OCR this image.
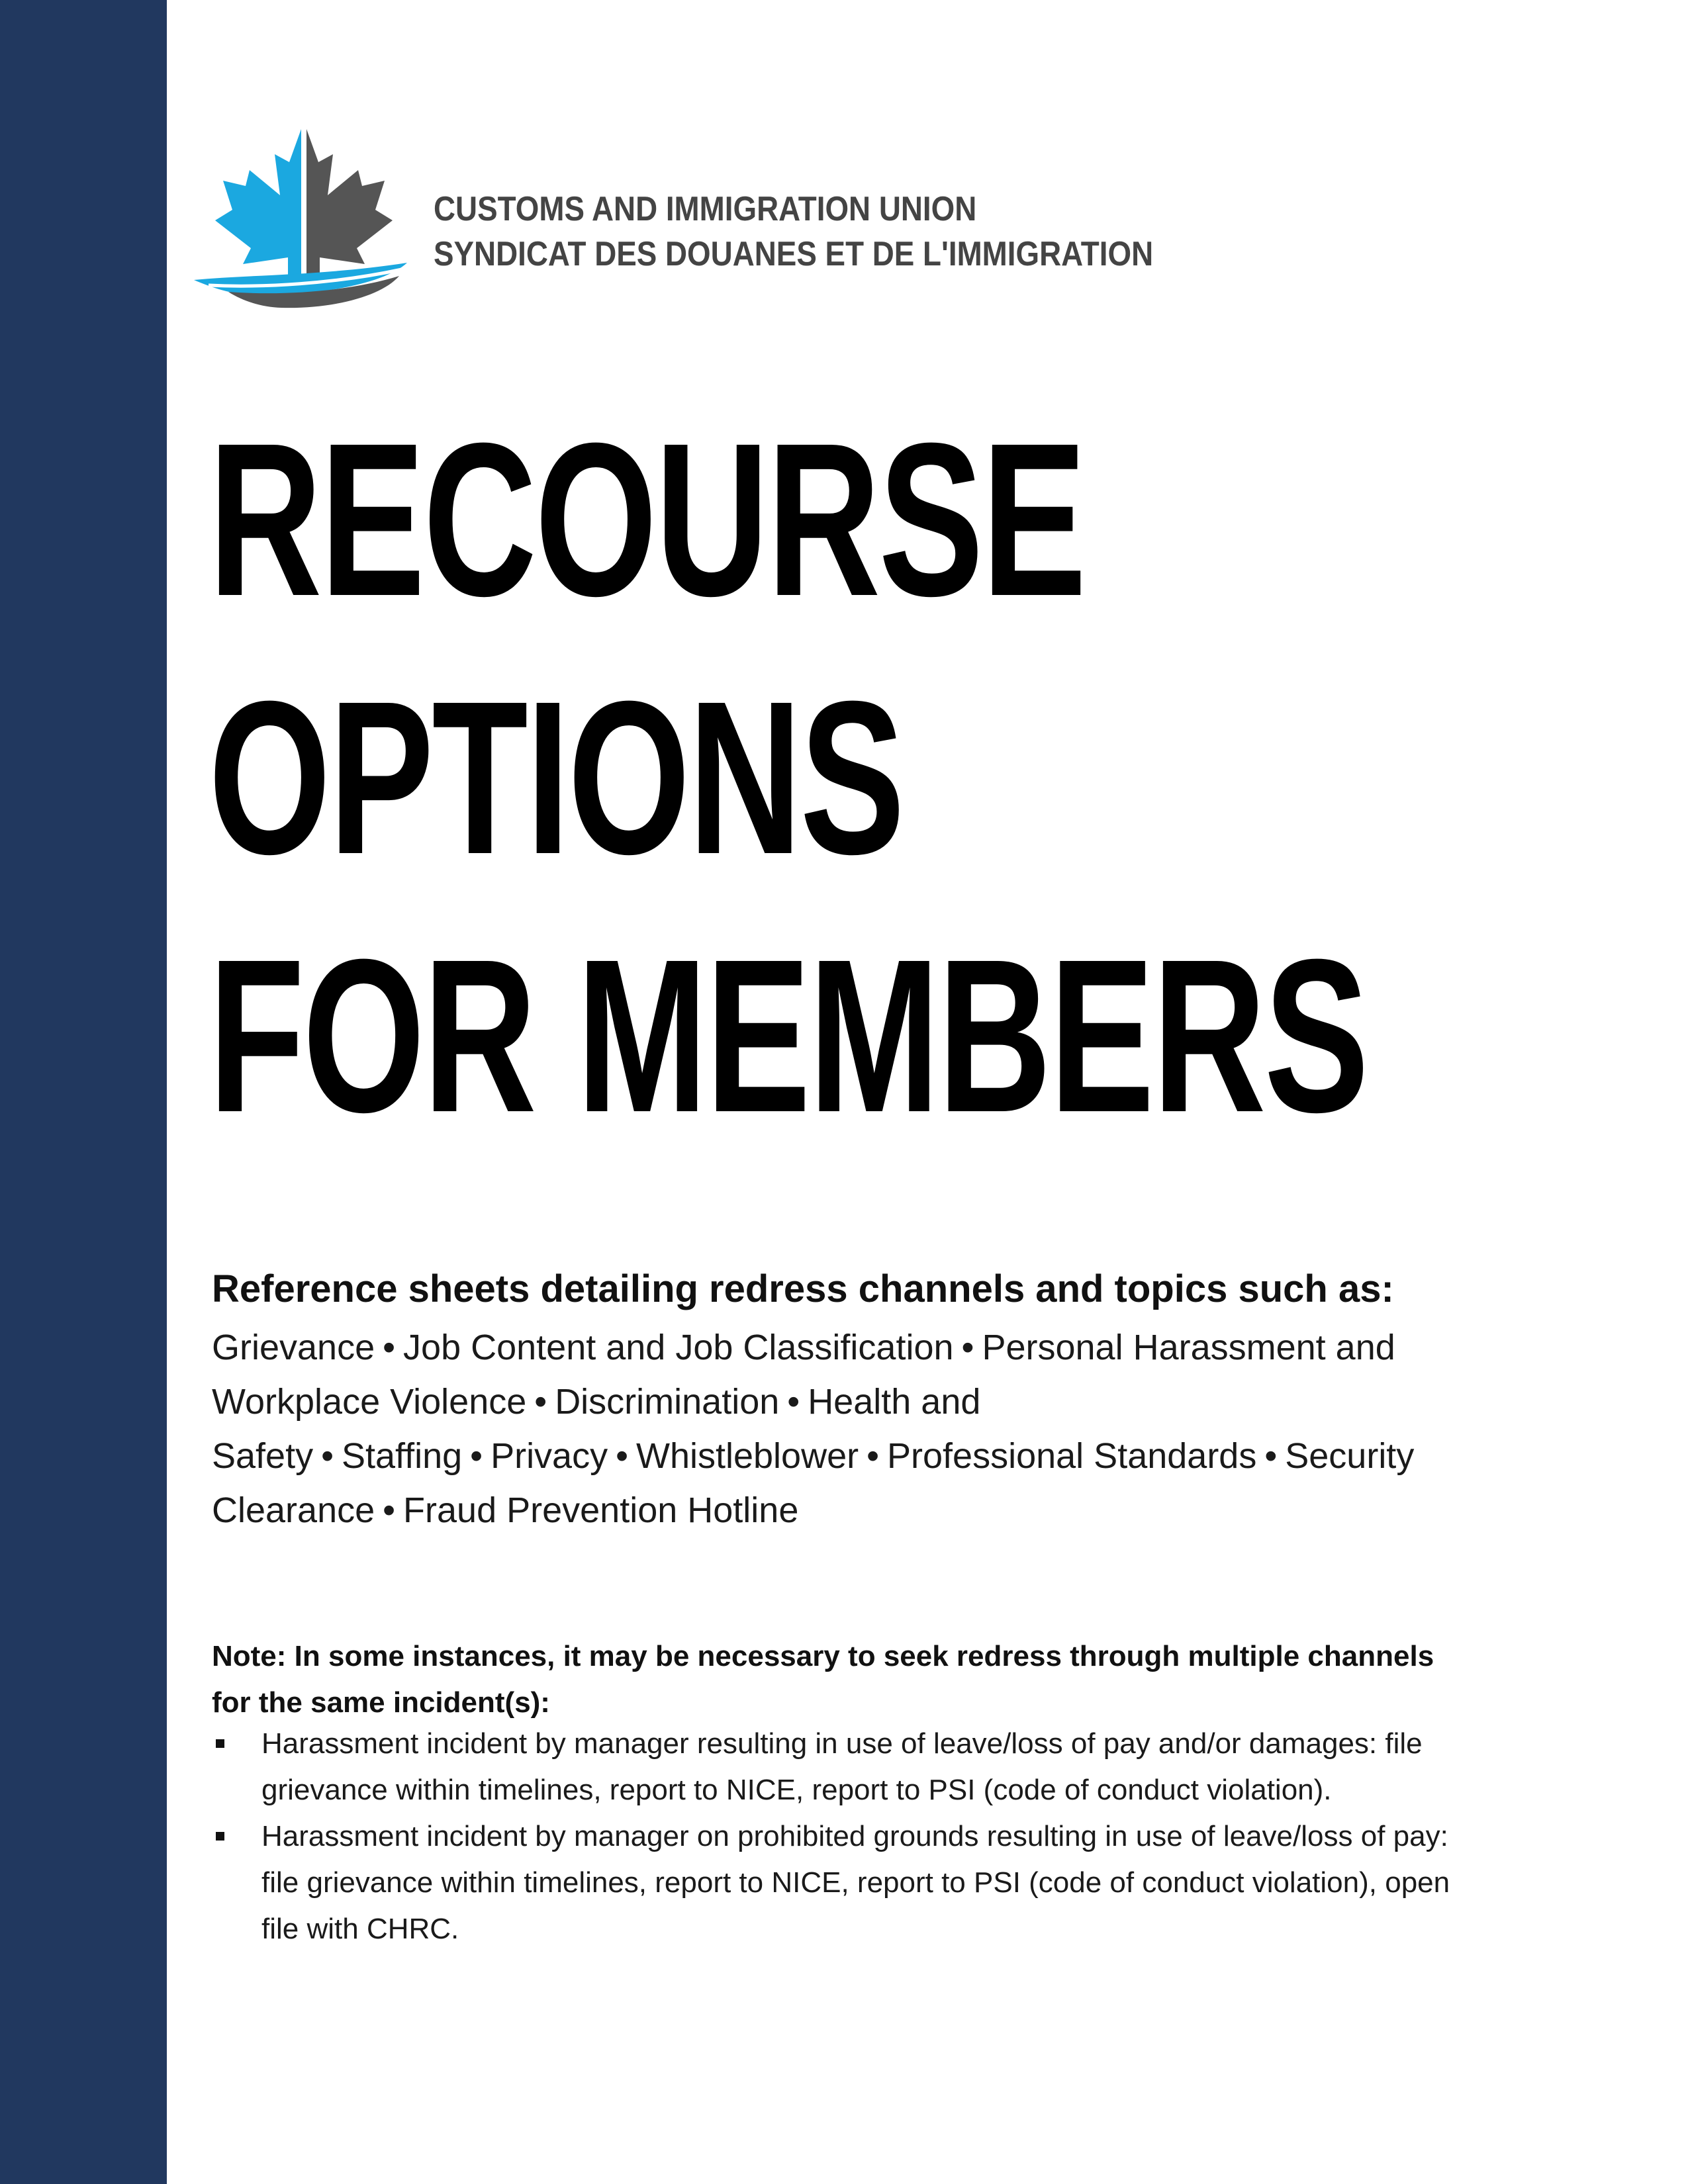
CUSTOMS AND IMMIGRATION UNION
SYNDICAT DES DOUANES ET DE L'IMMIGRATION
RECOURSE
OPTIONS
FOR MEMBERS
Reference sheets detailing redress channels and topics such as:
Grievance • Job Content and Job Classification • Personal Harassment and Workplace Violence • Discrimination • Health and Safety • Staffing • Privacy • Whistleblower • Professional Standards • Security Clearance • Fraud Prevention Hotline
Note: In some instances, it may be necessary to seek redress through multiple channels for the same incident(s):
Harassment incident by manager resulting in use of leave/loss of pay and/or damages: file grievance within timelines, report to NICE, report to PSI (code of conduct violation).
Harassment incident by manager on prohibited grounds resulting in use of leave/loss of pay: file grievance within timelines, report to NICE, report to PSI (code of conduct violation), open file with CHRC.
